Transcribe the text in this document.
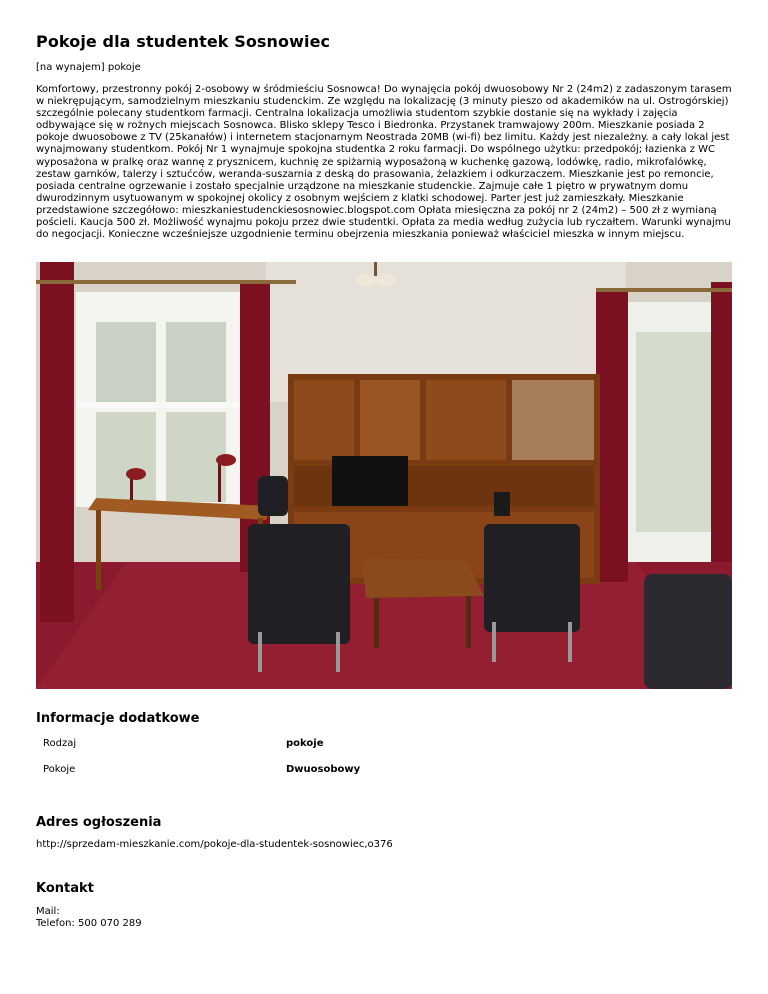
Pokoje dla studentek Sosnowiec
[na wynajem] pokoje

Komfortowy, przestronny pokój 2-osobowy w śródmieściu Sosnowca! Do wynajęcia pokój dwuosobowy Nr 2 (24m2) z zadaszonym tarasem w niekrępującym, samodzielnym mieszkaniu studenckim. Ze względu na lokalizację (3 minuty pieszo od akademików na ul. Ostrogórskiej) szczególnie polecany studentkom farmacji. Centralna lokalizacja umożliwia studentom szybkie dostanie się na wykłady i zajęcia odbywające się w rożnych miejscach Sosnowca. Blisko sklepy Tesco i Biedronka. Przystanek tramwajowy 200m. Mieszkanie posiada 2 pokoje dwuosobowe z TV (25kanałów) i internetem stacjonarnym Neostrada 20MB (wi-fi) bez limitu. Każdy jest niezależny. a cały lokal jest wynajmowany studentkom. Pokój Nr 1 wynajmuje spokojna studentka 2 roku farmacji. Do wspólnego użytku: przedpokój; łazienka z WC wyposażona w pralkę oraz wannę z prysznicem, kuchnię ze spiżarnią wyposażoną w kuchenkę gazową, lodówkę, radio, mikrofalówkę, zestaw garnków, talerzy i sztućców, weranda-suszarnia z deską do prasowania, żelazkiem i odkurzaczem. Mieszkanie jest po remoncie, posiada centralne ogrzewanie i zostało specjalnie urządzone na mieszkanie studenckie. Zajmuje całe 1 piętro w prywatnym domu dwurodzinnym usytuowanym w spokojnej okolicy z osobnym wejściem z klatki schodowej. Parter jest już zamieszkały. Mieszkanie przedstawione szczegółowo: mieszkaniestudenckiesosnowiec.blogspot.com Opłata miesięczna za pokój nr 2 (24m2) – 500 zł z wymianą pościeli. Kaucja 500 zł. Możliwość wynajmu pokoju przez dwie studentki. Opłata za media według zużycia lub ryczałtem. Warunki wynajmu do negocjacji. Konieczne wcześniejsze uzgodnienie terminu obejrzenia mieszkania ponieważ właściciel mieszka w innym miejscu.

Informacje dodatkowe
Rodzaj	pokoje
Pokoje	Dwuosobowy
Adres ogłoszenia
http://sprzedam-mieszkanie.com/pokoje-dla-studentek-sosnowiec,o376
Kontakt
Mail:
Telefon: 500 070 289
